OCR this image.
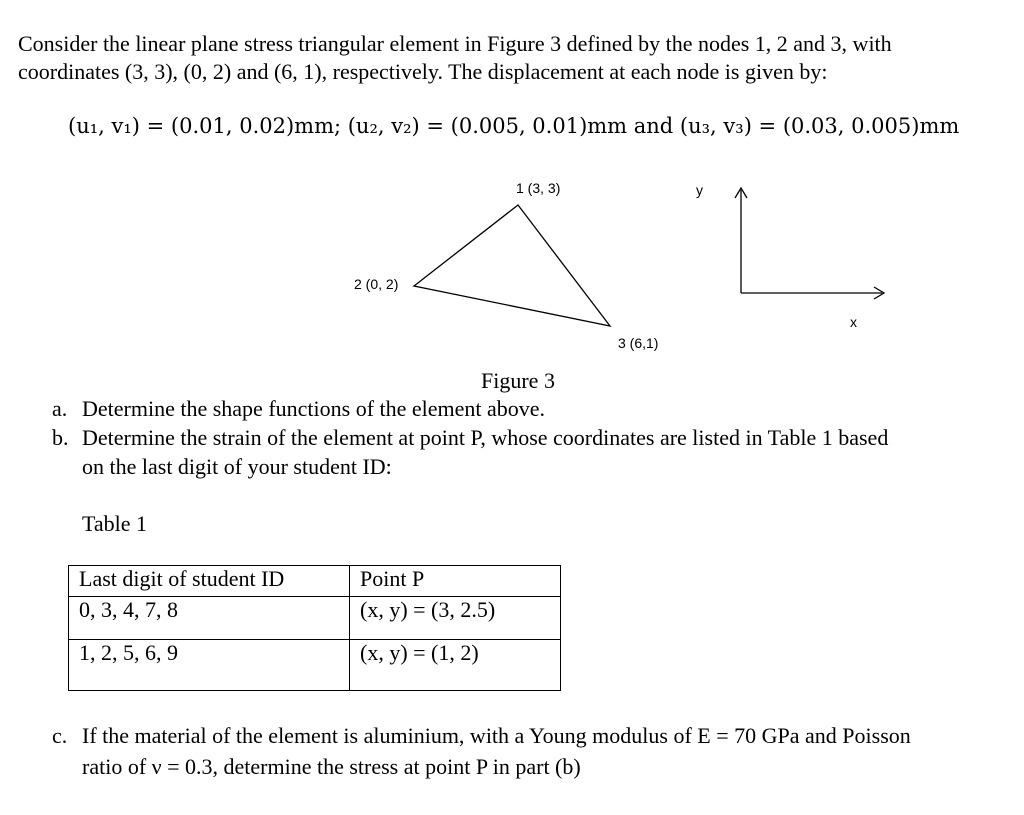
Consider the linear plane stress triangular element in Figure 3 defined by the nodes 1, 2 and 3, with
coordinates (3, 3), (0, 2) and (6, 1), respectively. The displacement at each node is given by:
(u₁, v₁) = (0.01, 0.02)mm; (u₂, v₂) = (0.005, 0.01)mm and (u₃, v₃) = (0.03, 0.005)mm
1 (3, 3)
2 (0, 2)
3 (6,1)
y
x
Figure 3
a. Determine the shape functions of the element above.
b. Determine the strain of the element at point P, whose coordinates are listed in Table 1 based
on the last digit of your student ID:
Table 1
Last digit of student ID	Point P
0, 3, 4, 7, 8	(x, y) = (3, 2.5)
1, 2, 5, 6, 9	(x, y) = (1, 2)
c. If the material of the element is aluminium, with a Young modulus of E = 70 GPa and Poisson
ratio of ν = 0.3, determine the stress at point P in part (b)
